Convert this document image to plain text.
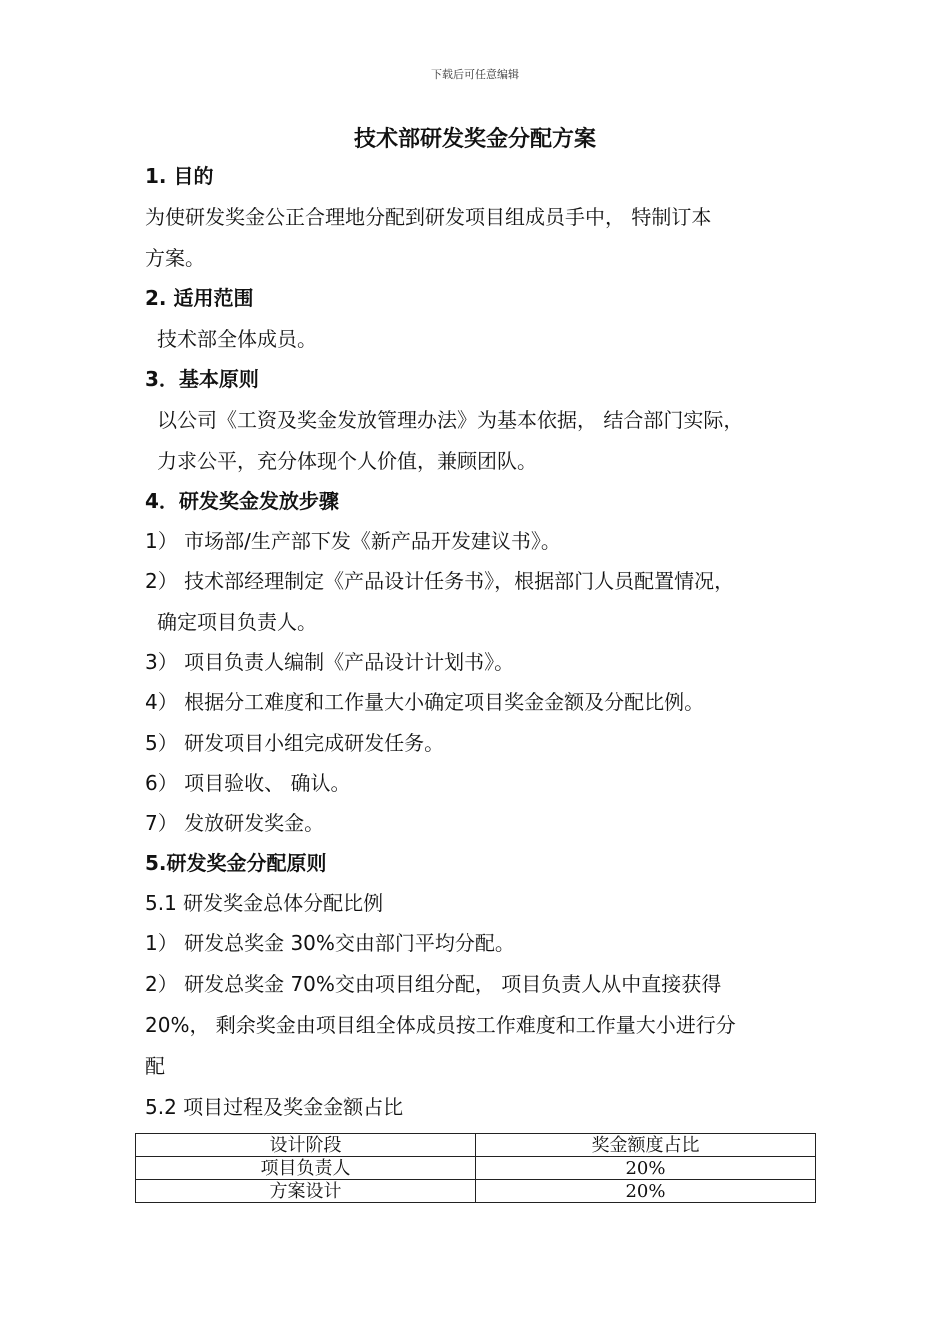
下载后可任意编辑
技术部研发奖金分配方案
1. 目的
为使研发奖金公正合理地分配到研发项目组成员手中， 特制订本
方案。
2. 适用范围
技术部全体成员。
3．基本原则
以公司《工资及奖金发放管理办法》为基本依据， 结合部门实际，
力求公平，充分体现个人价值，兼顾团队。
4．研发奖金发放步骤
1） 市场部/生产部下发《新产品开发建议书》。
2） 技术部经理制定《产品设计任务书》，根据部门人员配置情况，
确定项目负责人。
3） 项目负责人编制《产品设计计划书》。
4） 根据分工难度和工作量大小确定项目奖金金额及分配比例。
5） 研发项目小组完成研发任务。
6） 项目验收、 确认。
7） 发放研发奖金。
5.研发奖金分配原则
5.1 研发奖金总体分配比例
1） 研发总奖金 30%交由部门平均分配。
2） 研发总奖金 70%交由项目组分配， 项目负责人从中直接获得
20%， 剩余奖金由项目组全体成员按工作难度和工作量大小进行分
配
5.2 项目过程及奖金金额占比
设计阶段	奖金额度占比
项目负责人	20%
方案设计	20%
